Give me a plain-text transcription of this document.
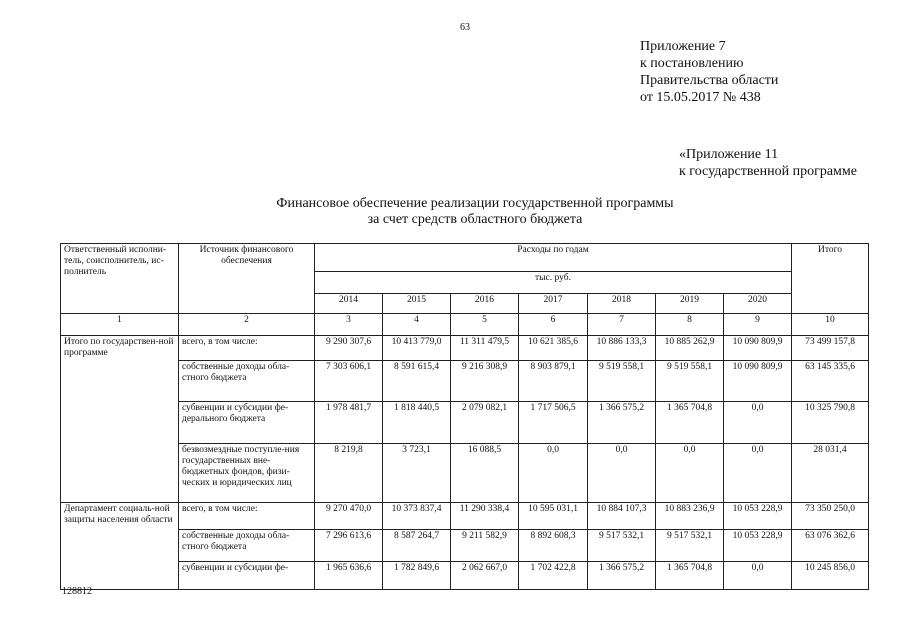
63
Приложение 7
к постановлению
Правительства области
от 15.05.2017 № 438
«Приложение 11
к государственной программе
Финансовое обеспечение реализации государственной программы
за счет средств областного бюджета
Ответственный исполни-тель, соисполнитель, ис-полнитель	Источник финансового обеспечения	Расходы по годам							Итого
		тыс. руб.							
		2014	2015	2016	2017	2018	2019	2020	
1	2	3	4	5	6	7	8	9	10
Итого по государствен-ной программе	всего, в том числе:	9 290 307,6	10 413 779,0	11 311 479,5	10 621 385,6	10 886 133,3	10 885 262,9	10 090 809,9	73 499 157,8
	собственные доходы обла-стного бюджета	7 303 606,1	8 591 615,4	9 216 308,9	8 903 879,1	9 519 558,1	9 519 558,1	10 090 809,9	63 145 335,6
	субвенции и субсидии фе-дерального бюджета	1 978 481,7	1 818 440,5	2 079 082,1	1 717 506,5	1 366 575,2	1 365 704,8	0,0	10 325 790,8
	безвозмездные поступле-ния государственных вне-бюджетных фондов, физи-ческих и юридических лиц	8 219,8	3 723,1	16 088,5	0,0	0,0	0,0	0,0	28 031,4
Департамент социаль-ной защиты населения области	всего, в том числе:	9 270 470,0	10 373 837,4	11 290 338,4	10 595 031,1	10 884 107,3	10 883 236,9	10 053 228,9	73 350 250,0
	собственные доходы обла-стного бюджета	7 296 613,6	8 587 264,7	9 211 582,9	8 892 608,3	9 517 532,1	9 517 532,1	10 053 228,9	63 076 362,6
	субвенции и субсидии фе-	1 965 636,6	1 782 849,6	2 062 667,0	1 702 422,8	1 366 575,2	1 365 704,8	0,0	10 245 856,0
128812
